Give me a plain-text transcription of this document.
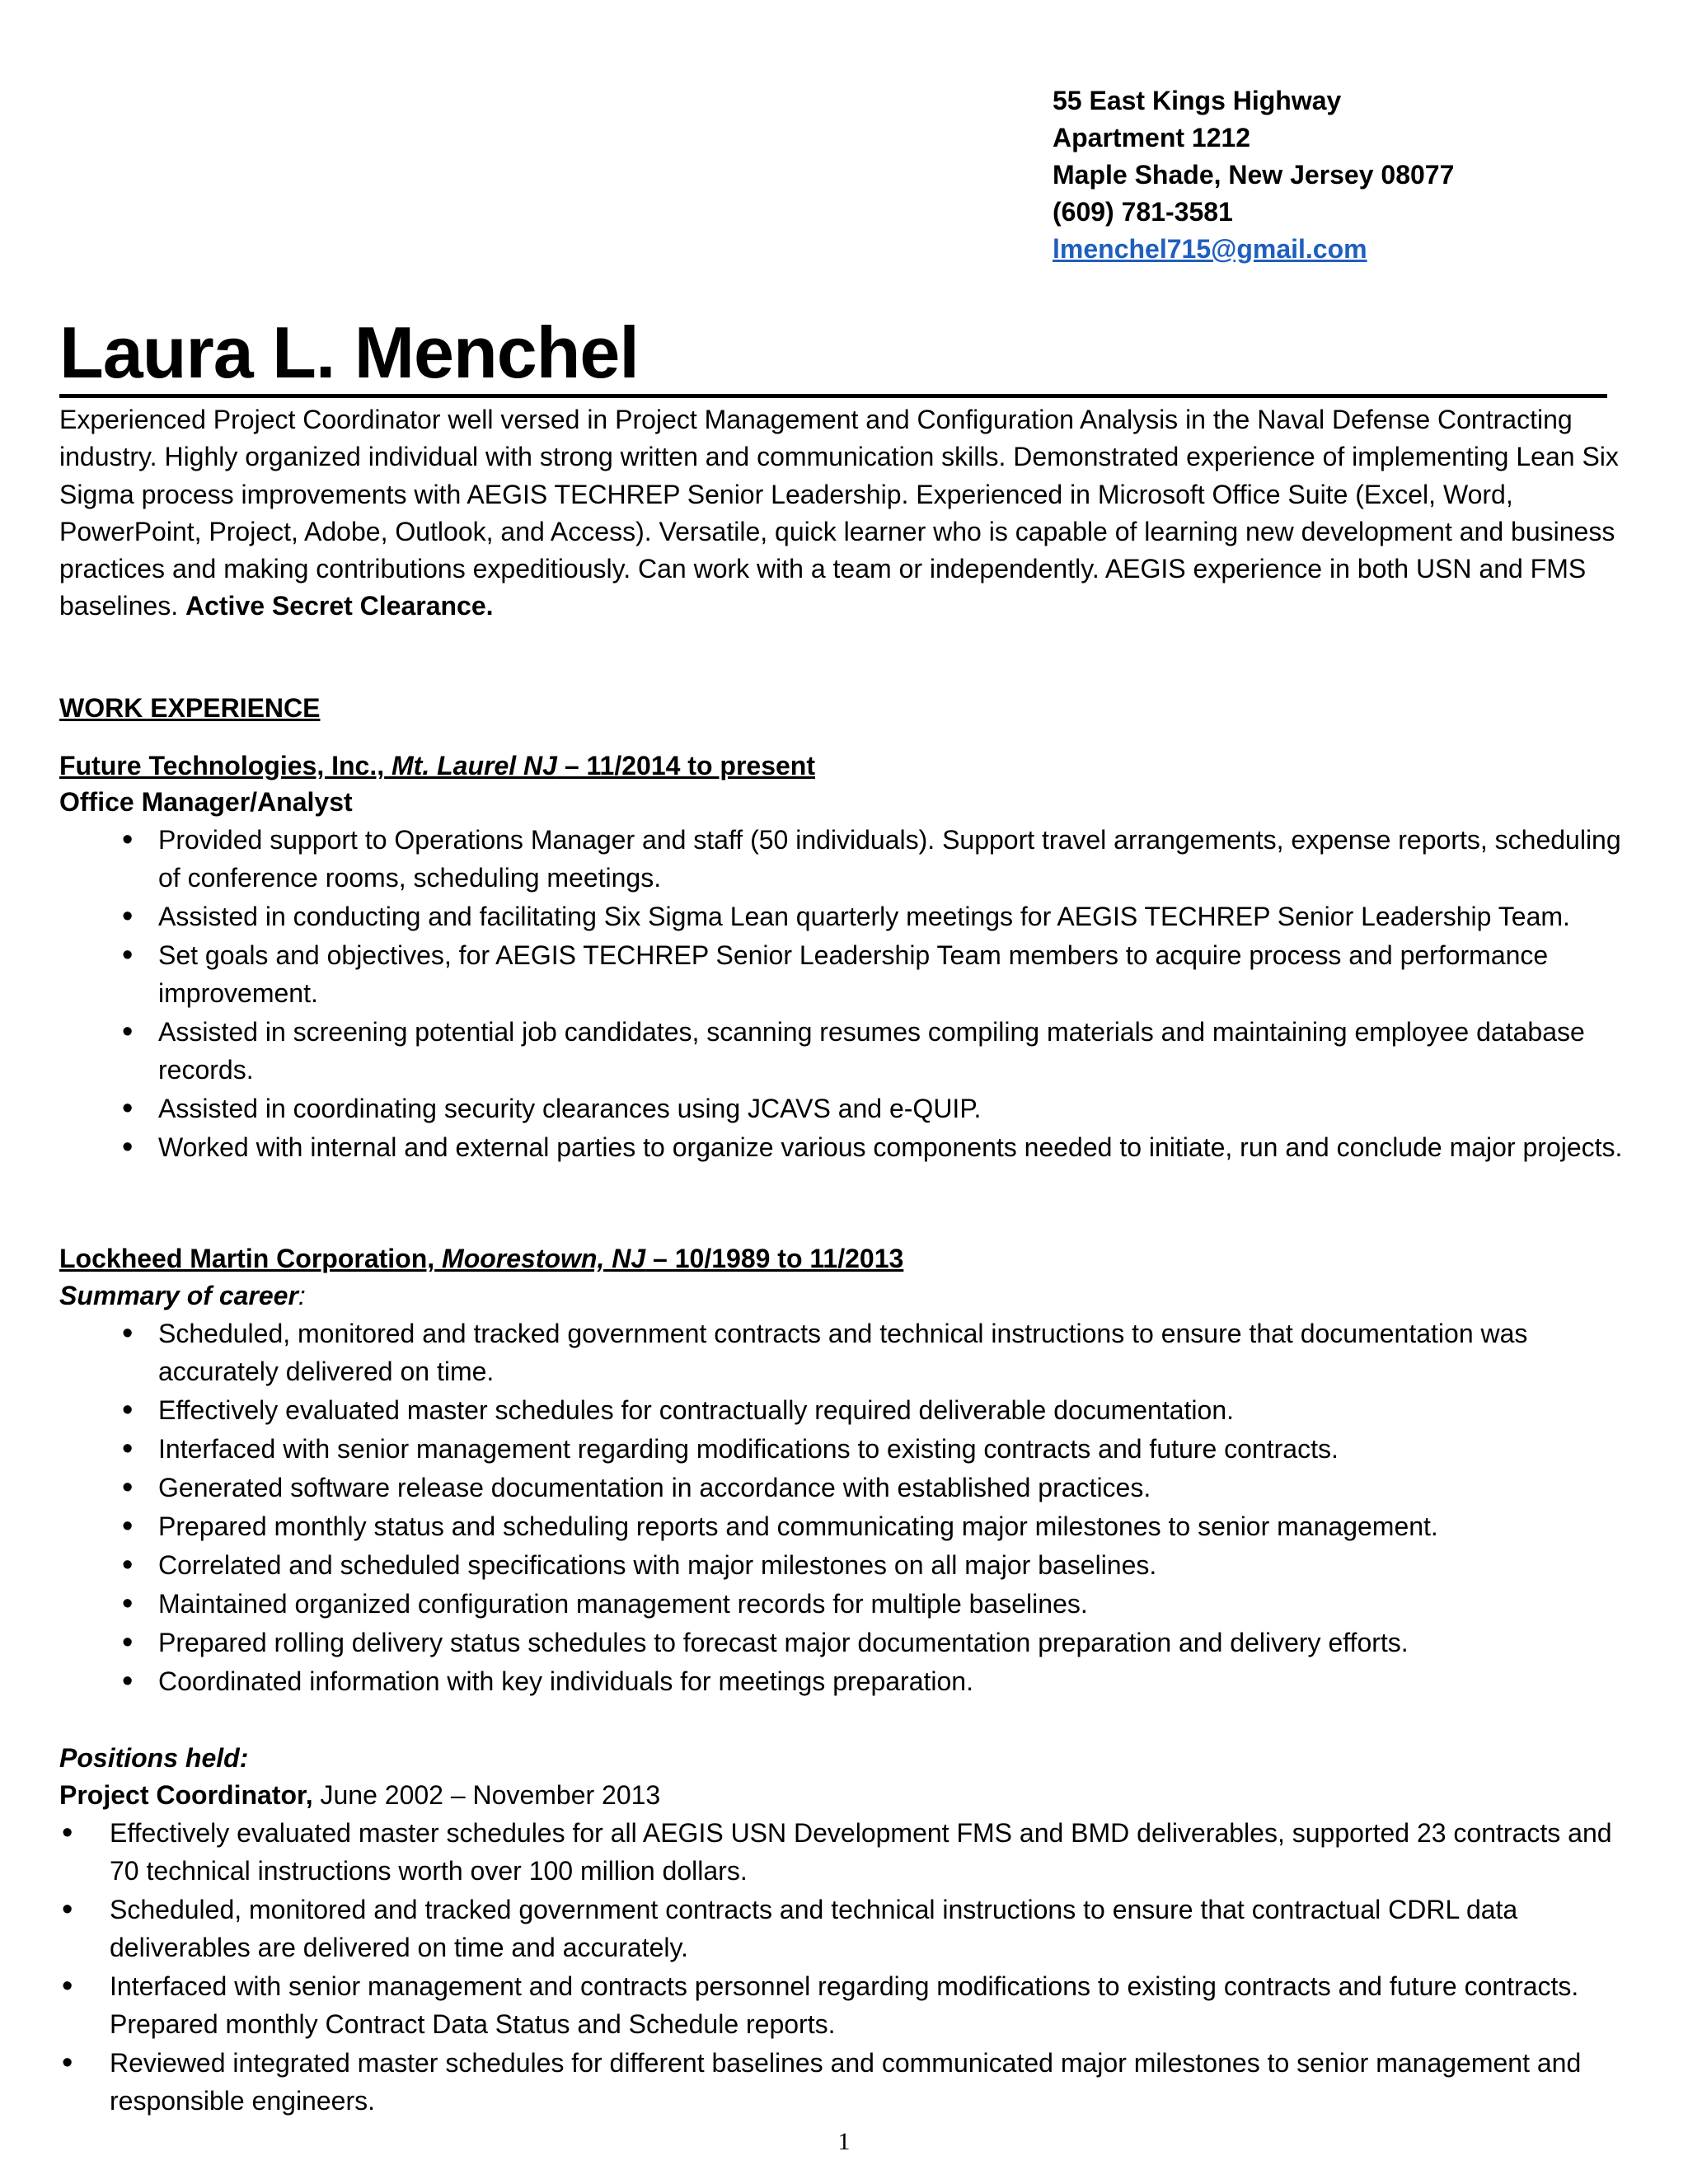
55 East Kings Highway
Apartment 1212
Maple Shade, New Jersey 08077
(609) 781-3581
lmenchel715@gmail.com
Laura L. Menchel
Experienced Project Coordinator well versed in Project Management and Configuration Analysis in the Naval Defense Contracting industry. Highly organized individual with strong written and communication skills. Demonstrated experience of implementing Lean Six Sigma process improvements with AEGIS TECHREP Senior Leadership. Experienced in Microsoft Office Suite (Excel, Word, PowerPoint, Project, Adobe, Outlook, and Access). Versatile, quick learner who is capable of learning new development and business practices and making contributions expeditiously. Can work with a team or independently. AEGIS experience in both USN and FMS baselines. Active Secret Clearance.
WORK EXPERIENCE
Future Technologies, Inc., Mt. Laurel NJ – 11/2014 to present
Office Manager/Analyst
• Provided support to Operations Manager and staff (50 individuals). Support travel arrangements, expense reports, scheduling of conference rooms, scheduling meetings.
• Assisted in conducting and facilitating Six Sigma Lean quarterly meetings for AEGIS TECHREP Senior Leadership Team.
• Set goals and objectives, for AEGIS TECHREP Senior Leadership Team members to acquire process and performance improvement.
• Assisted in screening potential job candidates, scanning resumes compiling materials and maintaining employee database records.
• Assisted in coordinating security clearances using JCAVS and e-QUIP.
• Worked with internal and external parties to organize various components needed to initiate, run and conclude major projects.
Lockheed Martin Corporation, Moorestown, NJ – 10/1989 to 11/2013
Summary of career:
• Scheduled, monitored and tracked government contracts and technical instructions to ensure that documentation was accurately delivered on time.
• Effectively evaluated master schedules for contractually required deliverable documentation.
• Interfaced with senior management regarding modifications to existing contracts and future contracts.
• Generated software release documentation in accordance with established practices.
• Prepared monthly status and scheduling reports and communicating major milestones to senior management.
• Correlated and scheduled specifications with major milestones on all major baselines.
• Maintained organized configuration management records for multiple baselines.
• Prepared rolling delivery status schedules to forecast major documentation preparation and delivery efforts.
• Coordinated information with key individuals for meetings preparation.
Positions held:
Project Coordinator, June 2002 – November 2013
• Effectively evaluated master schedules for all AEGIS USN Development FMS and BMD deliverables, supported 23 contracts and 70 technical instructions worth over 100 million dollars.
• Scheduled, monitored and tracked government contracts and technical instructions to ensure that contractual CDRL data deliverables are delivered on time and accurately.
• Interfaced with senior management and contracts personnel regarding modifications to existing contracts and future contracts. Prepared monthly Contract Data Status and Schedule reports.
• Reviewed integrated master schedules for different baselines and communicated major milestones to senior management and responsible engineers.
1
